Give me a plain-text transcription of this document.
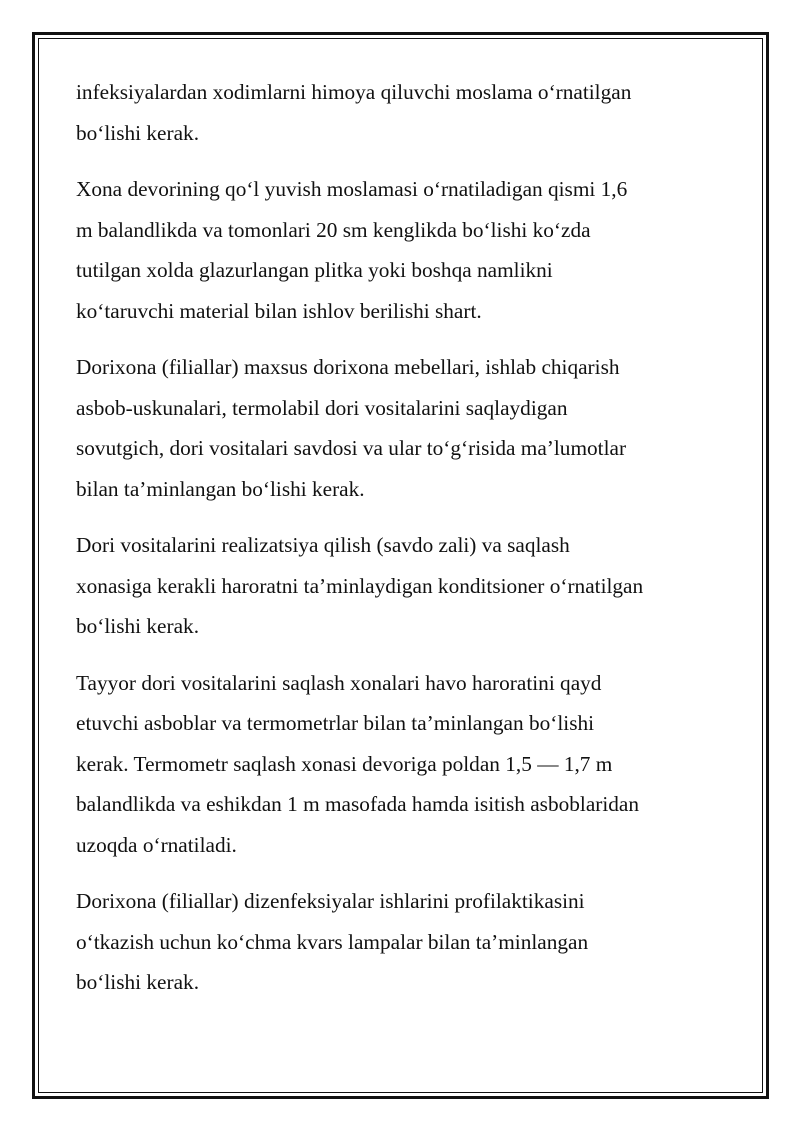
infeksiyalardan xodimlarni himoya qiluvchi moslama o‘rnatilgan
bo‘lishi kerak.

Xona devorining qo‘l yuvish moslamasi o‘rnatiladigan qismi 1,6
m balandlikda va tomonlari 20 sm kenglikda bo‘lishi ko‘zda
tutilgan xolda glazurlangan plitka yoki boshqa namlikni
ko‘taruvchi material bilan ishlov berilishi shart.

Dorixona (filiallar) maxsus dorixona mebellari, ishlab chiqarish
asbob-uskunalari, termolabil dori vositalarini saqlaydigan
sovutgich, dori vositalari savdosi va ular to‘g‘risida ma’lumotlar
bilan ta’minlangan bo‘lishi kerak.

Dori vositalarini realizatsiya qilish (savdo zali) va saqlash
xonasiga kerakli haroratni ta’minlaydigan konditsioner o‘rnatilgan
bo‘lishi kerak.

Tayyor dori vositalarini saqlash xonalari havo haroratini qayd
etuvchi asboblar va termometrlar bilan ta’minlangan bo‘lishi
kerak. Termometr saqlash xonasi devoriga poldan 1,5 — 1,7 m
balandlikda va eshikdan 1 m masofada hamda isitish asboblaridan
uzoqda o‘rnatiladi.

Dorixona (filiallar) dizenfeksiyalar ishlarini profilaktikasini
o‘tkazish uchun ko‘chma kvars lampalar bilan ta’minlangan
bo‘lishi kerak.
